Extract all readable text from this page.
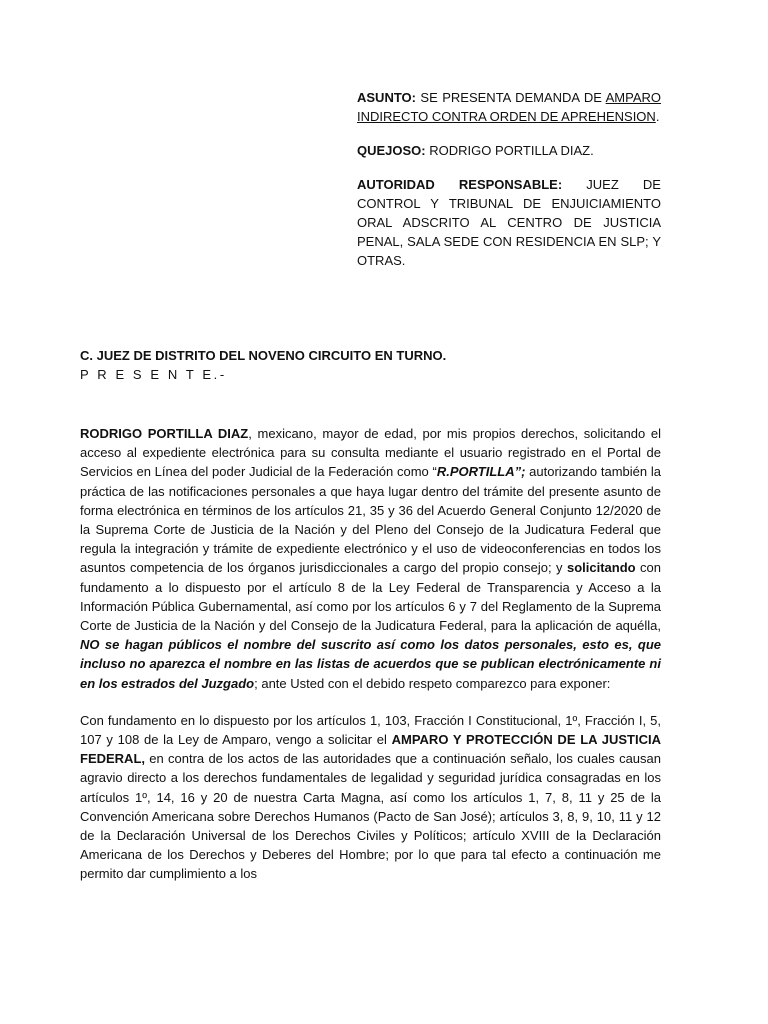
ASUNTO: SE PRESENTA DEMANDA DE AMPARO INDIRECTO CONTRA ORDEN DE APREHENSION.

QUEJOSO: RODRIGO PORTILLA DIAZ.

AUTORIDAD RESPONSABLE: JUEZ DE CONTROL Y TRIBUNAL DE ENJUICIAMIENTO ORAL ADSCRITO AL CENTRO DE JUSTICIA PENAL, SALA SEDE CON RESIDENCIA EN SLP; Y OTRAS.

C. JUEZ DE DISTRITO DEL NOVENO CIRCUITO EN TURNO.
P R E S E N T E.-

RODRIGO PORTILLA DIAZ, mexicano, mayor de edad, por mis propios derechos, solicitando el acceso al expediente electrónica para su consulta mediante el usuario registrado en el Portal de Servicios en Línea del poder Judicial de la Federación como “R.PORTILLA”; autorizando también la práctica de las notificaciones personales a que haya lugar dentro del trámite del presente asunto de forma electrónica en términos de los artículos 21, 35 y 36 del Acuerdo General Conjunto 12/2020 de la Suprema Corte de Justicia de la Nación y del Pleno del Consejo de la Judicatura Federal que regula la integración y trámite de expediente electrónico y el uso de videoconferencias en todos los asuntos competencia de los órganos jurisdiccionales a cargo del propio consejo; y solicitando con fundamento a lo dispuesto por el artículo 8 de la Ley Federal de Transparencia y Acceso a la Información Pública Gubernamental, así como por los artículos 6 y 7 del Reglamento de la Suprema Corte de Justicia de la Nación y del Consejo de la Judicatura Federal, para la aplicación de aquélla, NO se hagan públicos el nombre del suscrito así como los datos personales, esto es, que incluso no aparezca el nombre en las listas de acuerdos que se publican electrónicamente ni en los estrados del Juzgado; ante Usted con el debido respeto comparezco para exponer:

Con fundamento en lo dispuesto por los artículos 1, 103, Fracción I Constitucional, 1º, Fracción I, 5, 107 y 108 de la Ley de Amparo, vengo a solicitar el AMPARO Y PROTECCIÓN DE LA JUSTICIA FEDERAL, en contra de los actos de las autoridades que a continuación señalo, los cuales causan agravio directo a los derechos fundamentales de legalidad y seguridad jurídica consagradas en los artículos 1º, 14, 16 y 20 de nuestra Carta Magna, así como los artículos 1, 7, 8, 11 y 25 de la Convención Americana sobre Derechos Humanos (Pacto de San José); artículos 3, 8, 9, 10, 11 y 12 de la Declaración Universal de los Derechos Civiles y Políticos; artículo XVIII de la Declaración Americana de los Derechos y Deberes del Hombre; por lo que para tal efecto a continuación me permito dar cumplimiento a los
